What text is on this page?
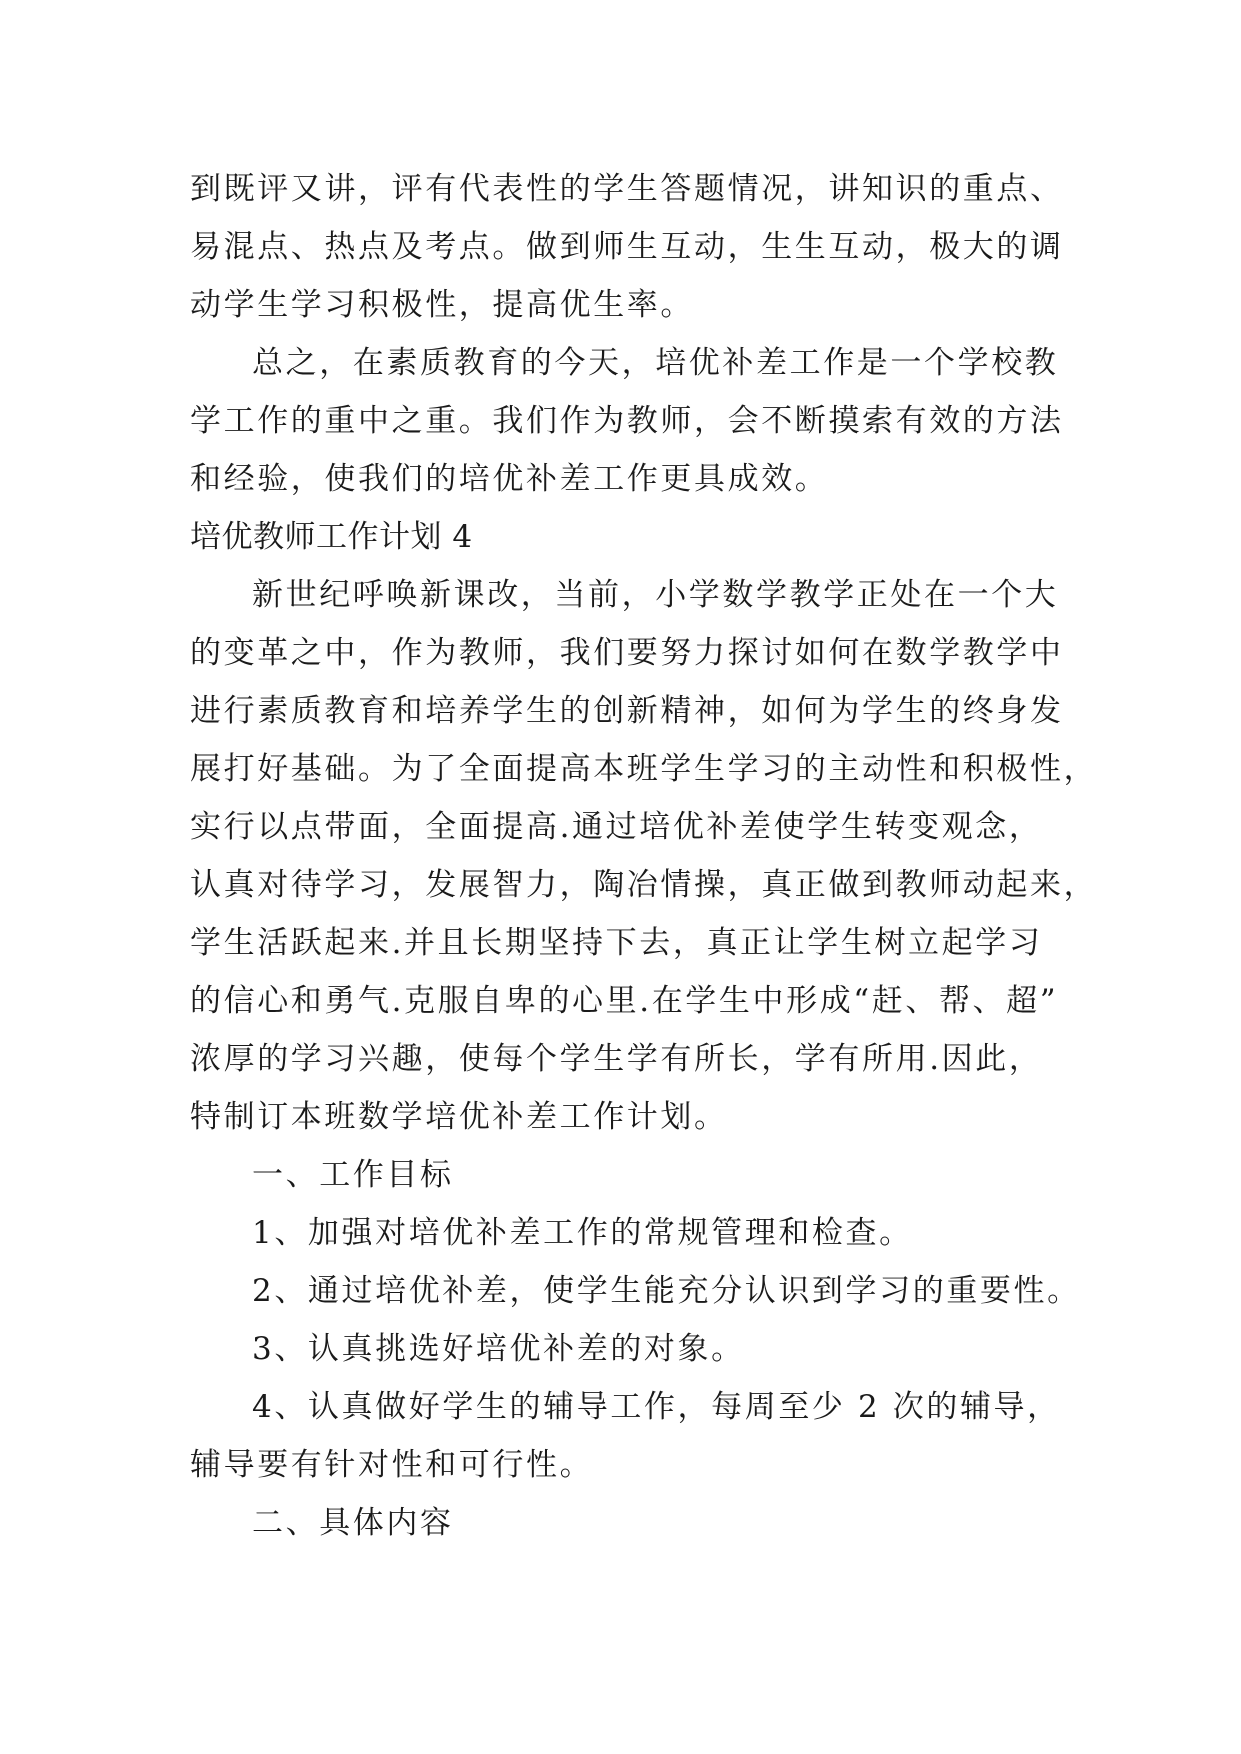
到既评又讲，评有代表性的学生答题情况，讲知识的重点、
易混点、热点及考点。做到师生互动，生生互动，极大的调
动学生学习积极性，提高优生率。
总之，在素质教育的今天，培优补差工作是一个学校教
学工作的重中之重。我们作为教师，会不断摸索有效的方法
和经验，使我们的培优补差工作更具成效。
培优教师工作计划 4
新世纪呼唤新课改，当前，小学数学教学正处在一个大
的变革之中，作为教师，我们要努力探讨如何在数学教学中
进行素质教育和培养学生的创新精神，如何为学生的终身发
展打好基础。为了全面提高本班学生学习的主动性和积极性，
实行以点带面，全面提高.通过培优补差使学生转变观念，
认真对待学习，发展智力，陶冶情操，真正做到教师动起来，
学生活跃起来.并且长期坚持下去，真正让学生树立起学习
的信心和勇气.克服自卑的心里.在学生中形成“赶、帮、超”
浓厚的学习兴趣，使每个学生学有所长，学有所用.因此，
特制订本班数学培优补差工作计划。
一、工作目标
1、加强对培优补差工作的常规管理和检查。
2、通过培优补差，使学生能充分认识到学习的重要性。
3、认真挑选好培优补差的对象。
4、认真做好学生的辅导工作，每周至少 2 次的辅导，
辅导要有针对性和可行性。
二、具体内容
